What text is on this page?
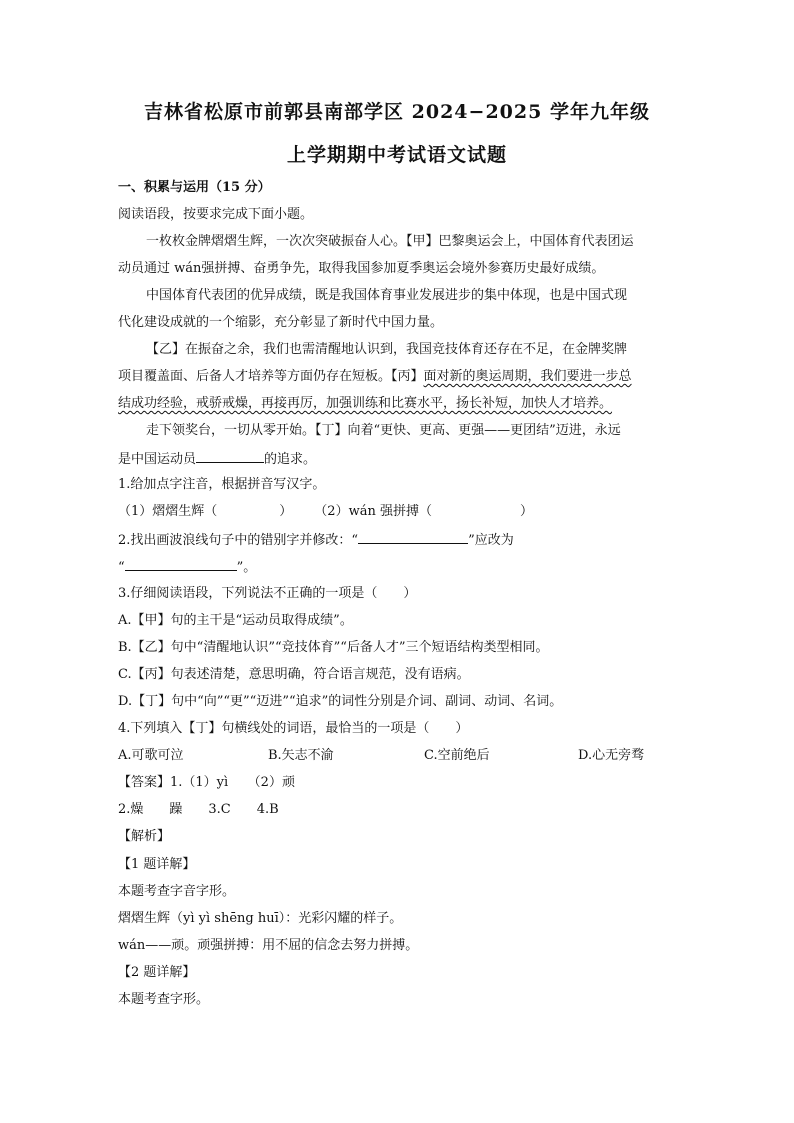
吉林省松原市前郭县南部学区 2024−2025 学年九年级
上学期期中考试语文试题
一、积累与运用（15 分）
阅读语段，按要求完成下面小题。
一枚枚金牌熠熠生辉，一次次突破振奋人心。【甲】巴黎奥运会上，中国体育代表团运
动员通过 wán强拼搏、奋勇争先，取得我国参加夏季奥运会境外参赛历史最好成绩。
中国体育代表团的优异成绩，既是我国体育事业发展进步的集中体现，也是中国式现
代化建设成就的一个缩影，充分彰显了新时代中国力量。
【乙】在振奋之余，我们也需清醒地认识到，我国竞技体育还存在不足，在金牌奖牌
项目覆盖面、后备人才培养等方面仍存在短板。【丙】面对新的奥运周期，我们要进一步总
结成功经验，戒骄戒燥，再接再厉，加强训练和比赛水平，扬长补短，加快人才培养。
走下领奖台，一切从零开始。【丁】向着“更快、更高、更强——更团结”迈进，永远
是中国运动员	的追求。
1.给加点字注音，根据拼音写汉字。
（1）熠熠生辉（	） （2）wán 强拼搏（	）
2.找出画波浪线句子中的错别字并修改：“	”应改为
“	”。
3.仔细阅读语段，下列说法不正确的一项是（　　）
A.【甲】句的主干是“运动员取得成绩”。
B.【乙】句中“清醒地认识”“竞技体育”“后备人才”三个短语结构类型相同。
C.【丙】句表述清楚，意思明确，符合语言规范，没有语病。
D.【丁】句中“向”“更”“迈进”“追求”的词性分别是介词、副词、动词、名词。
4.下列填入【丁】句横线处的词语，最恰当的一项是（　　）
A.可歌可泣	B.矢志不渝	C.空前绝后	D.心无旁骛
【答案】1.（1）yì　　（2）顽
2.燥　　躁　　3.C　　4.B
【解析】
【1 题详解】
本题考查字音字形。
熠熠生辉（yì yì shēng huī）：光彩闪耀的样子。
wán——顽。顽强拼搏：用不屈的信念去努力拼搏。
【2 题详解】
本题考查字形。
